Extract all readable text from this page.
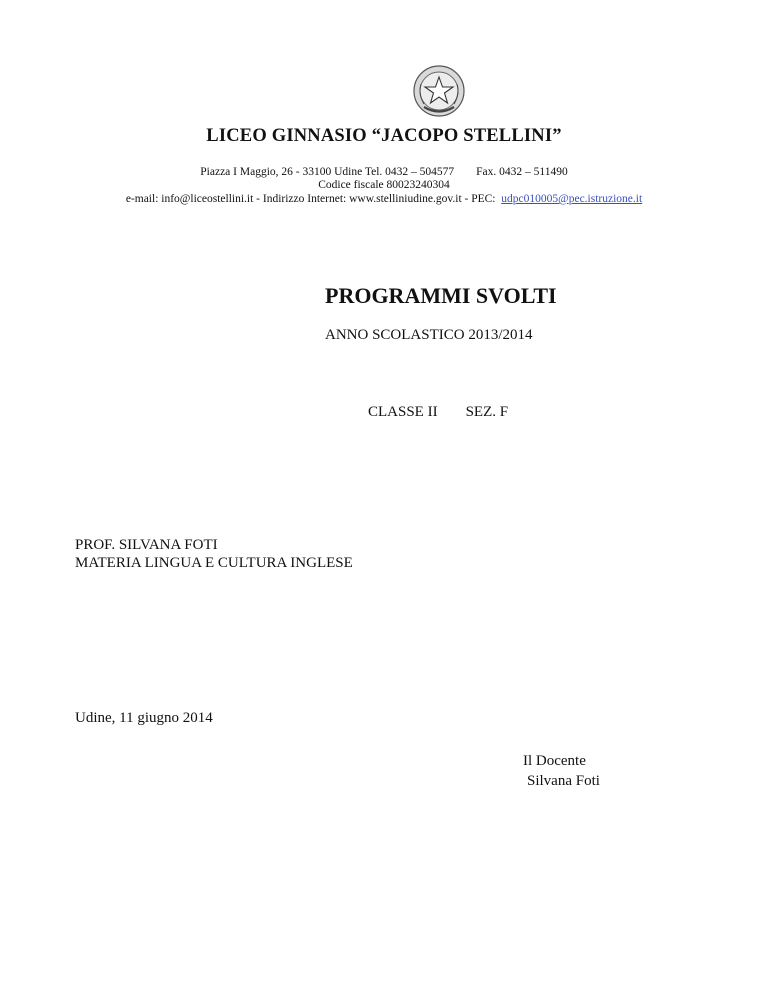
LICEO GINNASIO “JACOPO STELLINI”
Piazza I Maggio, 26 - 33100 Udine Tel. 0432 – 504577 Fax. 0432 – 511490
Codice fiscale 80023240304
e-mail: info@liceostellini.it - Indirizzo Internet: www.stelliniudine.gov.it - PEC: udpc010005@pec.istruzione.it
PROGRAMMI SVOLTI
ANNO SCOLASTICO 2013/2014
CLASSE II SEZ. F
PROF. SILVANA FOTI
MATERIA LINGUA E CULTURA INGLESE
Udine, 11 giugno 2014
Il Docente
Silvana Foti
